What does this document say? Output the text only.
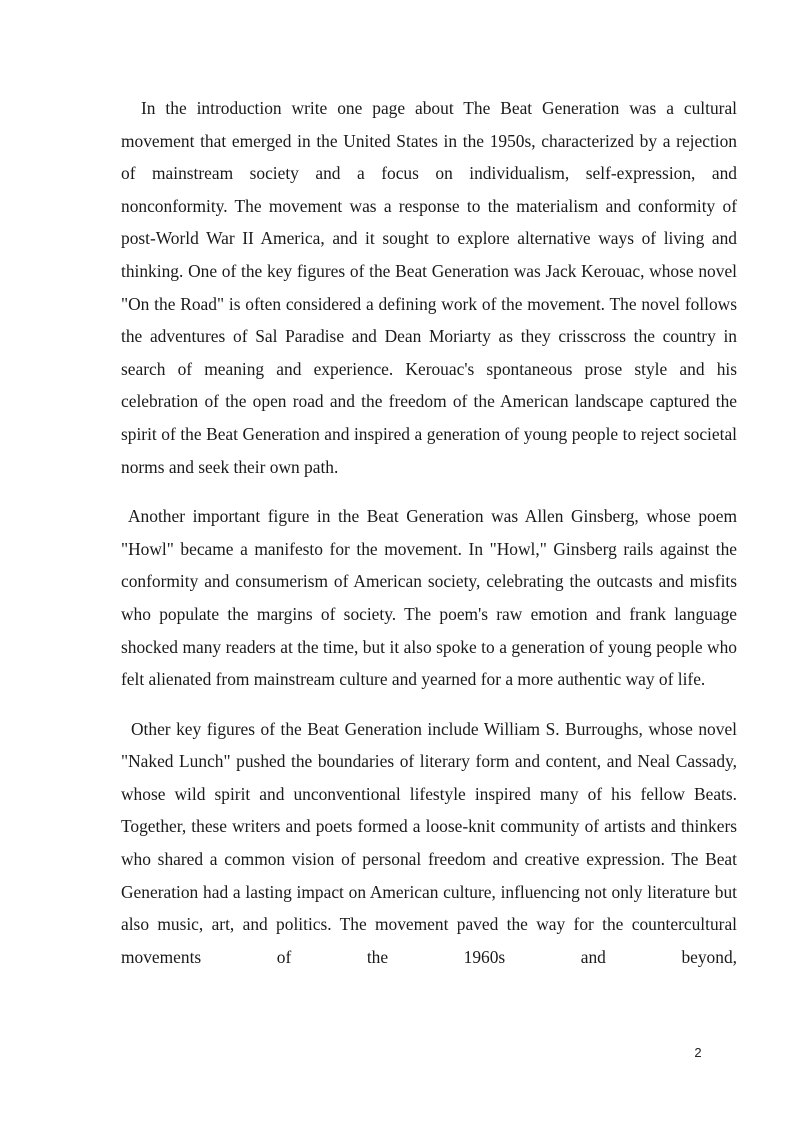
In the introduction write one page about The Beat Generation was a cultural movement that emerged in the United States in the 1950s, characterized by a rejection of mainstream society and a focus on individualism, self-expression, and nonconformity. The movement was a response to the materialism and conformity of post-World War II America, and it sought to explore alternative ways of living and thinking. One of the key figures of the Beat Generation was Jack Kerouac, whose novel "On the Road" is often considered a defining work of the movement. The novel follows the adventures of Sal Paradise and Dean Moriarty as they crisscross the country in search of meaning and experience. Kerouac's spontaneous prose style and his celebration of the open road and the freedom of the American landscape captured the spirit of the Beat Generation and inspired a generation of young people to reject societal norms and seek their own path.

Another important figure in the Beat Generation was Allen Ginsberg, whose poem "Howl" became a manifesto for the movement. In "Howl," Ginsberg rails against the conformity and consumerism of American society, celebrating the outcasts and misfits who populate the margins of society. The poem's raw emotion and frank language shocked many readers at the time, but it also spoke to a generation of young people who felt alienated from mainstream culture and yearned for a more authentic way of life.

Other key figures of the Beat Generation include William S. Burroughs, whose novel "Naked Lunch" pushed the boundaries of literary form and content, and Neal Cassady, whose wild spirit and unconventional lifestyle inspired many of his fellow Beats. Together, these writers and poets formed a loose-knit community of artists and thinkers who shared a common vision of personal freedom and creative expression. The Beat Generation had a lasting impact on American culture, influencing not only literature but also music, art, and politics. The movement paved the way for the countercultural movements of the 1960s and beyond,

2
